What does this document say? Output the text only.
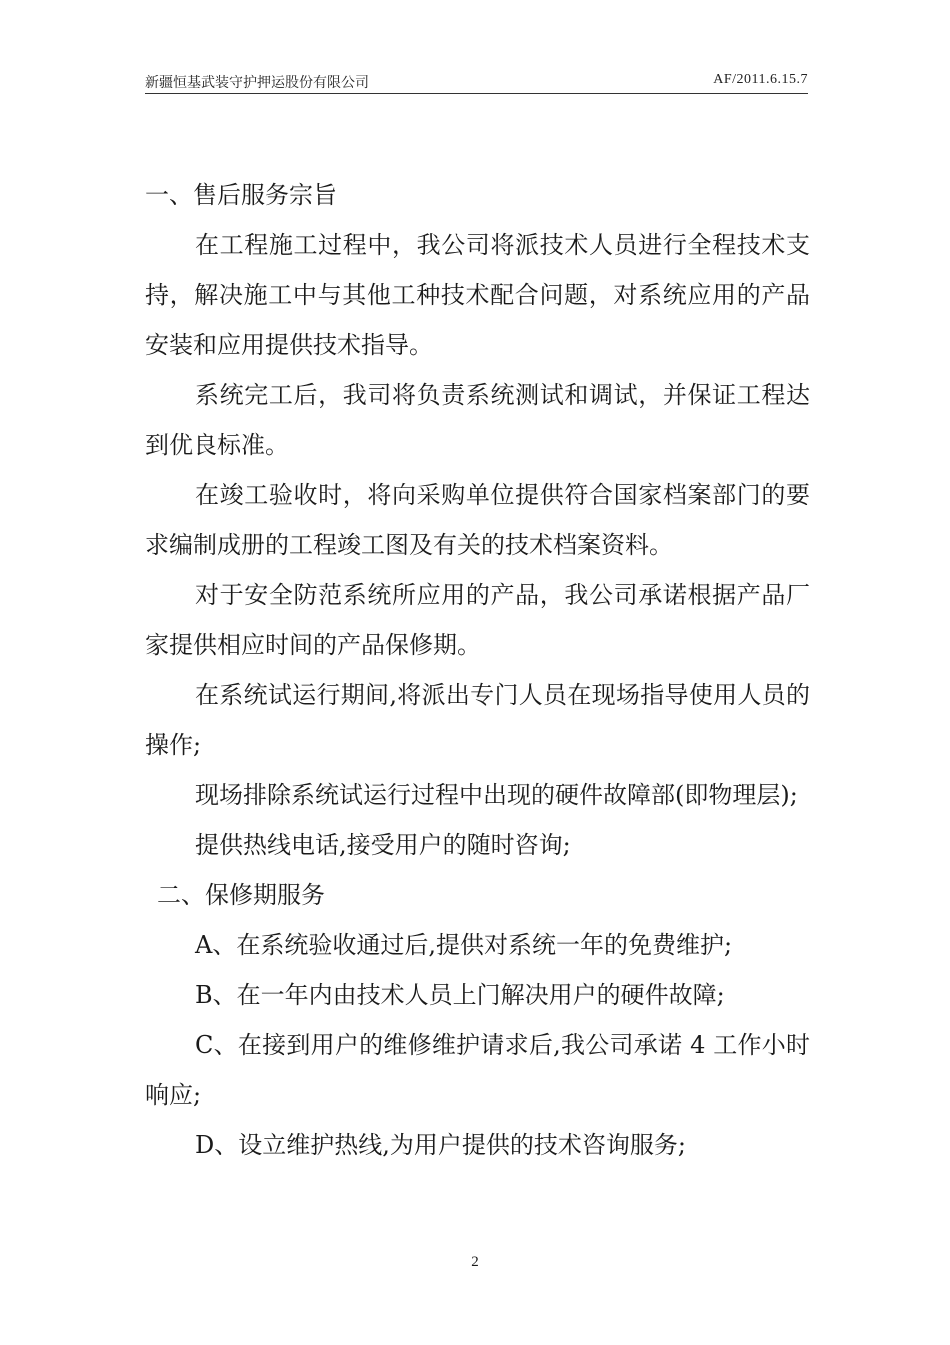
新疆恒基武装守护押运股份有限公司	AF/2011.6.15.7

一、售后服务宗旨

在工程施工过程中，我公司将派技术人员进行全程技术支持，解决施工中与其他工种技术配合问题，对系统应用的产品安装和应用提供技术指导。

系统完工后，我司将负责系统测试和调试，并保证工程达到优良标准。

在竣工验收时，将向采购单位提供符合国家档案部门的要求编制成册的工程竣工图及有关的技术档案资料。

对于安全防范系统所应用的产品，我公司承诺根据产品厂家提供相应时间的产品保修期。

在系统试运行期间,将派出专门人员在现场指导使用人员的操作;

现场排除系统试运行过程中出现的硬件故障部(即物理层);

提供热线电话,接受用户的随时咨询;

二、保修期服务

A、在系统验收通过后,提供对系统一年的免费维护;

B、在一年内由技术人员上门解决用户的硬件故障;

C、在接到用户的维修维护请求后,我公司承诺 4 工作小时响应;

D、设立维护热线,为用户提供的技术咨询服务;

2
